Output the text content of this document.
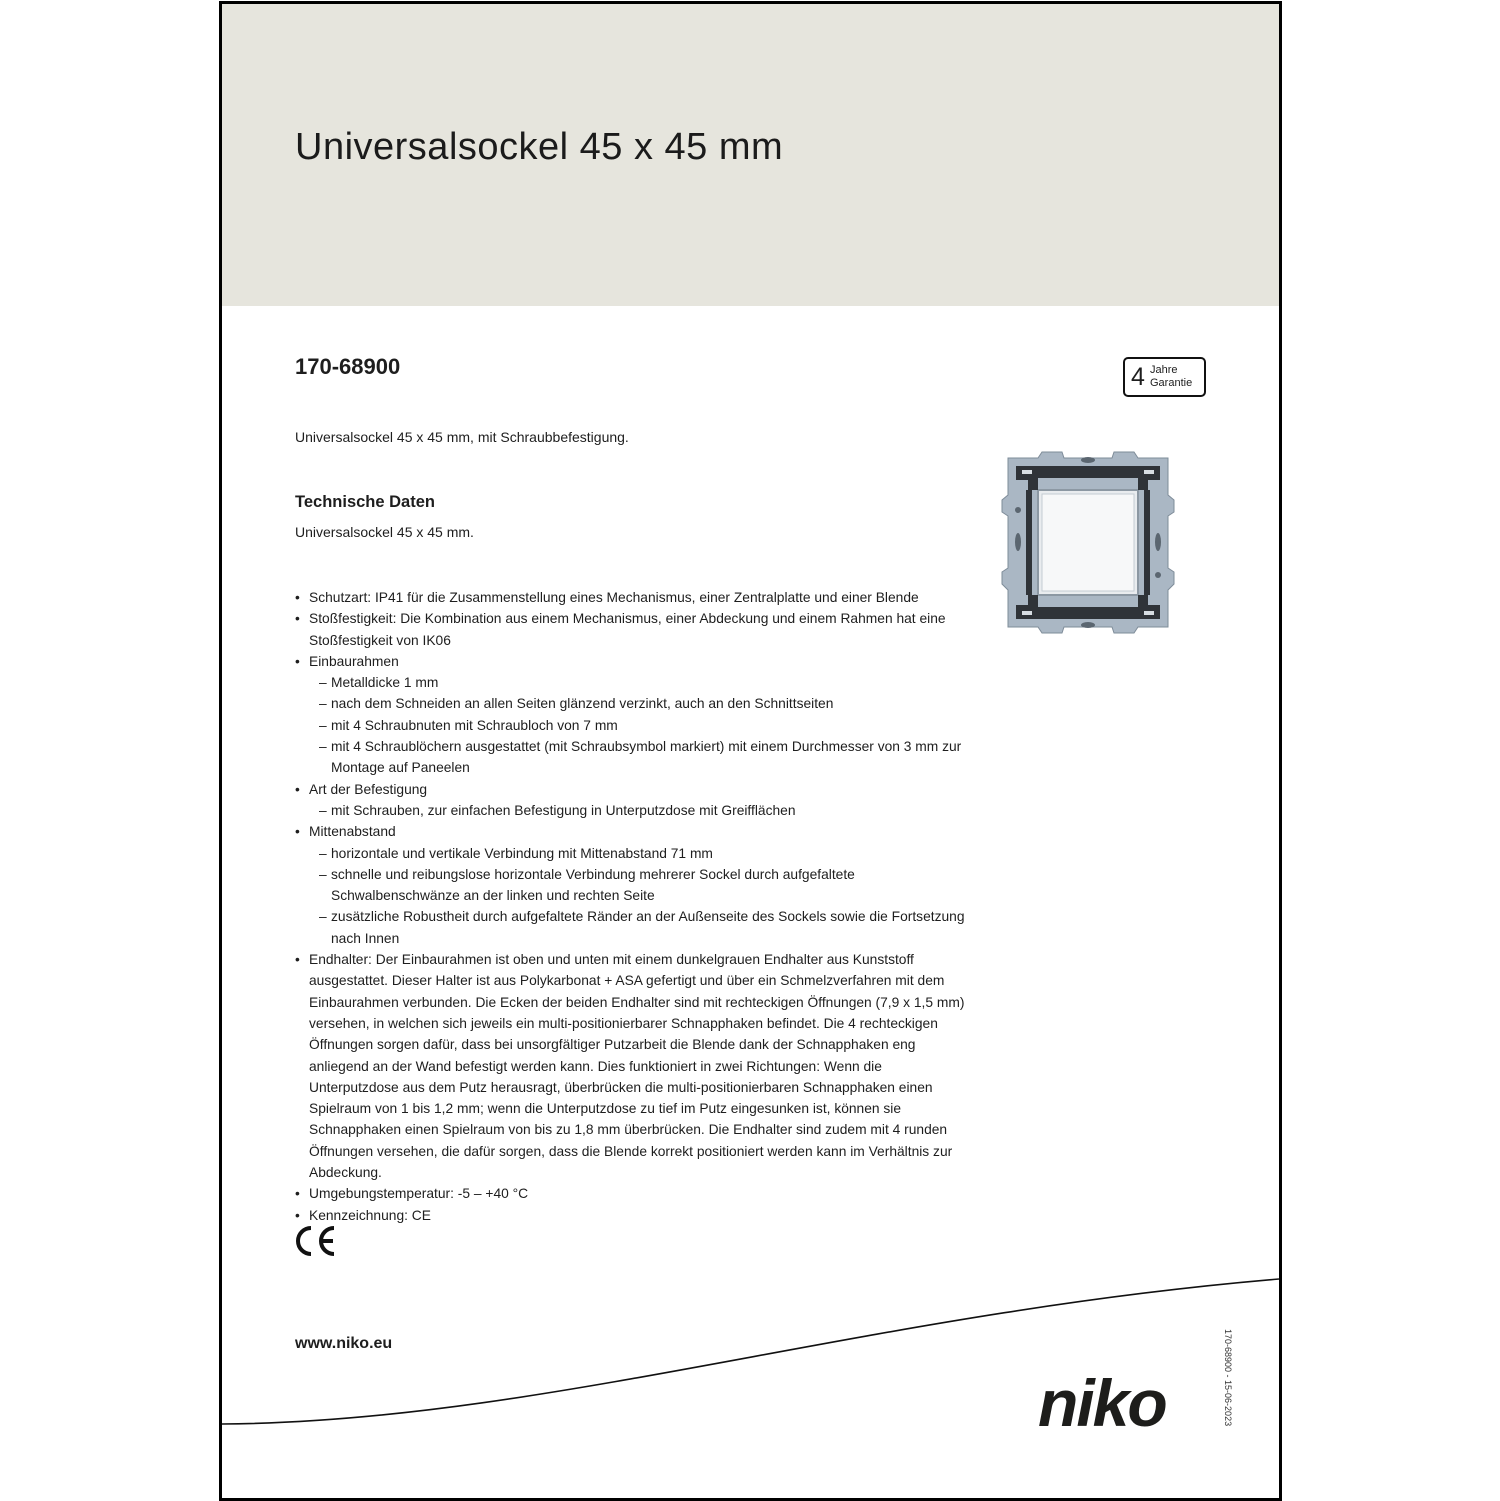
Universalsockel 45 x 45 mm
170-68900	4 Jahre
Garantie
Universalsockel 45 x 45 mm, mit Schraubbefestigung.
Technische Daten
Universalsockel 45 x 45 mm.
• Schutzart: IP41 für die Zusammenstellung eines Mechanismus, einer Zentralplatte und einer Blende
• Stoßfestigkeit: Die Kombination aus einem Mechanismus, einer Abdeckung und einem Rahmen hat eine Stoßfestigkeit von IK06
• Einbaurahmen
– Metalldicke 1 mm
– nach dem Schneiden an allen Seiten glänzend verzinkt, auch an den Schnittseiten
– mit 4 Schraubnuten mit Schraubloch von 7 mm
– mit 4 Schraublöchern ausgestattet (mit Schraubsymbol markiert) mit einem Durchmesser von 3 mm zur Montage auf Paneelen
• Art der Befestigung
– mit Schrauben, zur einfachen Befestigung in Unterputzdose mit Greifflächen
• Mittenabstand
– horizontale und vertikale Verbindung mit Mittenabstand 71 mm
– schnelle und reibungslose horizontale Verbindung mehrerer Sockel durch aufgefaltete Schwalbenschwänze an der linken und rechten Seite
– zusätzliche Robustheit durch aufgefaltete Ränder an der Außenseite des Sockels sowie die Fortsetzung nach Innen
• Endhalter: Der Einbaurahmen ist oben und unten mit einem dunkelgrauen Endhalter aus Kunststoff ausgestattet. Dieser Halter ist aus Polykarbonat + ASA gefertigt und über ein Schmelzverfahren mit dem Einbaurahmen verbunden. Die Ecken der beiden Endhalter sind mit rechteckigen Öffnungen (7,9 x 1,5 mm) versehen, in welchen sich jeweils ein multi-positionierbarer Schnapphaken befindet. Die 4 rechteckigen Öffnungen sorgen dafür, dass bei unsorgfältiger Putzarbeit die Blende dank der Schnapphaken eng anliegend an der Wand befestigt werden kann. Dies funktioniert in zwei Richtungen: Wenn die Unterputzdose aus dem Putz herausragt, überbrücken die multi-positionierbaren Schnapphaken einen Spielraum von 1 bis 1,2 mm; wenn die Unterputzdose zu tief im Putz eingesunken ist, können sie Schnapphaken einen Spielraum von bis zu 1,8 mm überbrücken. Die Endhalter sind zudem mit 4 runden Öffnungen versehen, die dafür sorgen, dass die Blende korrekt positioniert werden kann im Verhältnis zur Abdeckung.
• Umgebungstemperatur: -5 – +40 °C
• Kennzeichnung: CE
www.niko.eu	170-68900 - 15-06-2023
niko
